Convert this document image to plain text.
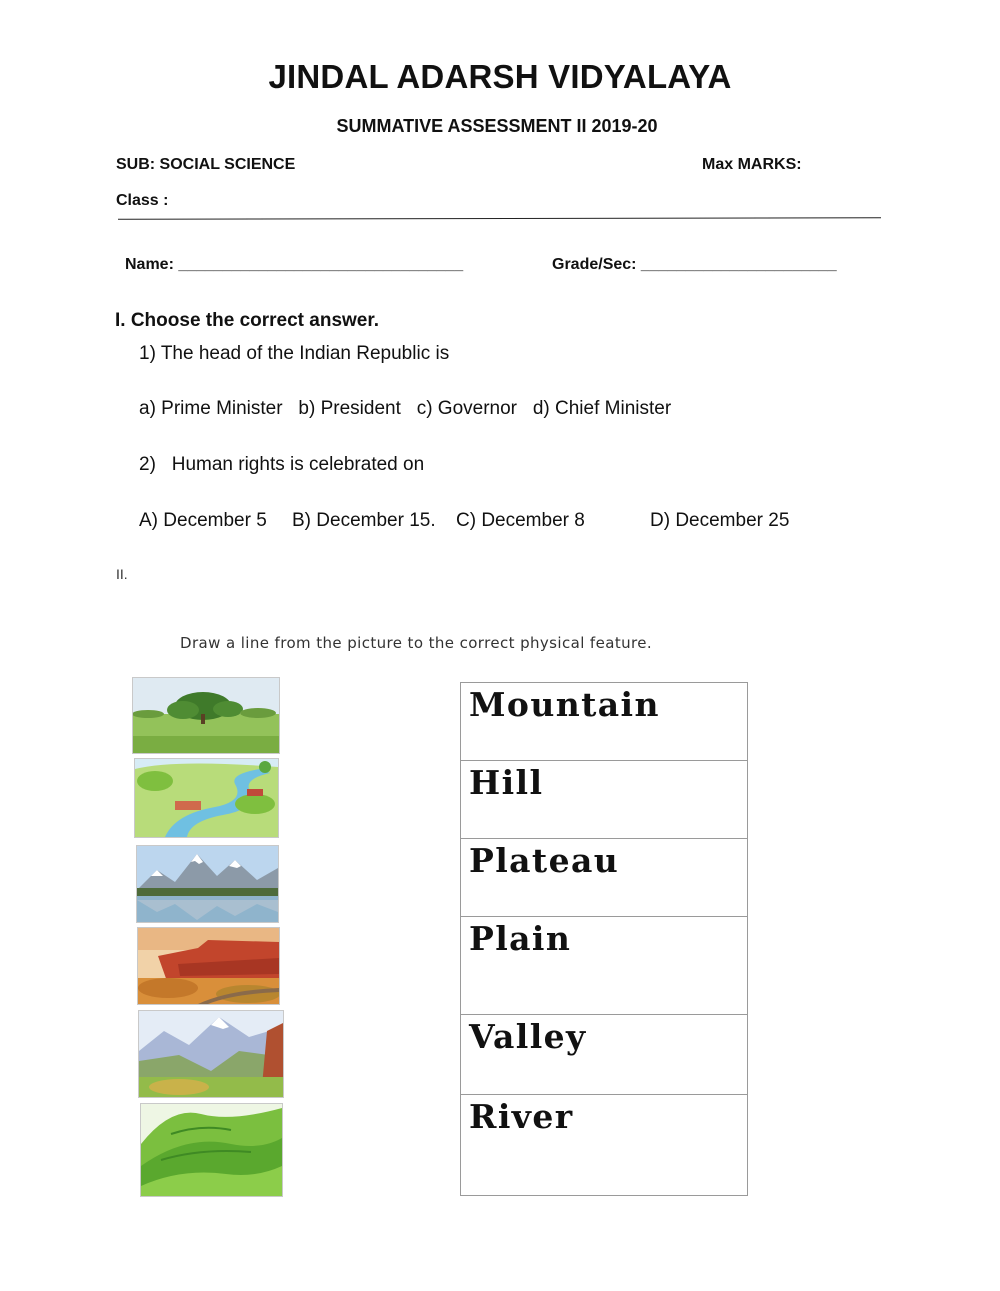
JINDAL ADARSH VIDYALAYA
SUMMATIVE ASSESSMENT II 2019-20
SUB: SOCIAL SCIENCE	Max MARKS:
Class :
Name: ________________________________	Grade/Sec: ______________________
I. Choose the correct answer.
1) The head of the Indian Republic is
a) Prime Minister   b) President   c) Governor   d) Chief Minister
2)   Human rights is celebrated on
A) December 5 B) December 15. C) December 8	D) December 25
II.
Draw a line from the picture to the correct physical feature.
Mountain
Hill
Plateau
Plain
Valley
River
